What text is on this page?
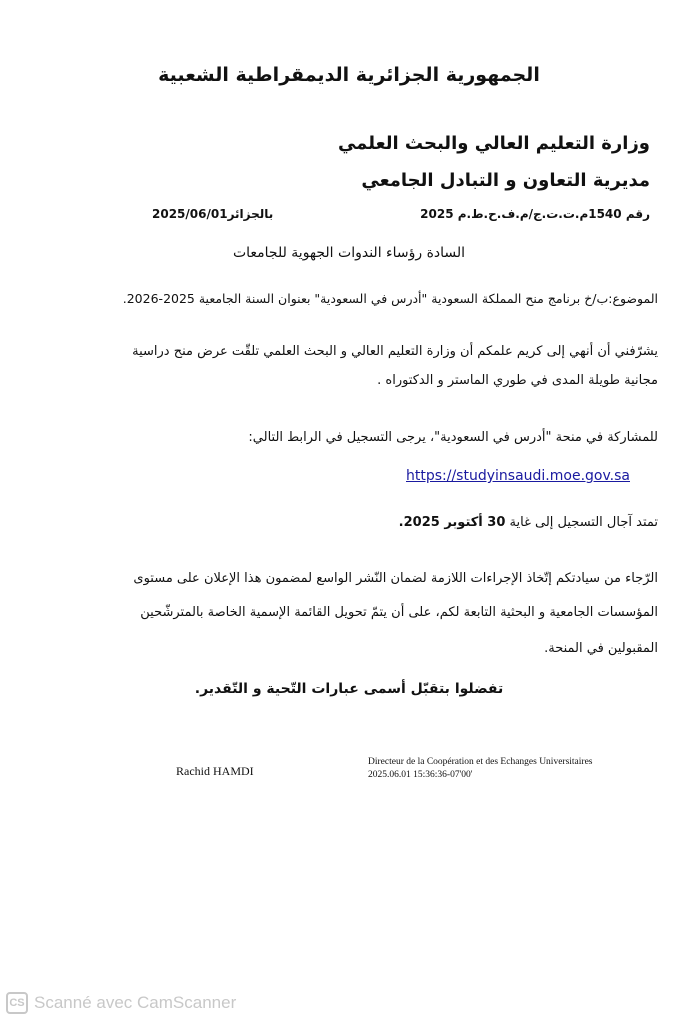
الجمهورية الجزائرية الديمقراطية الشعبية
وزارة التعليم العالي والبحث العلمي
مديرية التعاون و التبادل الجامعي
رقم 1540م.ت.ت.ج/م.ف.ح.ط.م 2025
بالجزائر2025/06/01
السادة رؤساء الندوات الجهوية للجامعات
الموضوع:ب/خ برنامج منح المملكة السعودية "أدرس في السعودية" بعنوان السنة الجامعية 2025-2026.
يشرّفني أن أنهي إلى كريم علمكم أن وزارة التعليم العالي و البحث العلمي تلقّت عرض منح دراسية
مجانية طويلة المدى في طوري الماستر و الدكتوراه .
للمشاركة في منحة "أدرس في السعودية"، يرجى التسجيل في الرابط التالي:
https://studyinsaudi.moe.gov.sa
تمتد آجال التسجيل إلى غاية 30 أكتوبر 2025.
الرّجاء من سيادتكم إتّخاذ الإجراءات اللازمة لضمان النّشر الواسع لمضمون هذا الإعلان على مستوى
المؤسسات الجامعية و البحثية التابعة لكم، على أن يتمّ تحويل القائمة الإسمية الخاصة بالمترشّحين
المقبولين في المنحة.
تفضلوا بتقبّل أسمى عبارات التّحية و التّقدير.
Rachid HAMDI
Directeur de la Coopération et des Echanges Universitaires
2025.06.01 15:36:36-07'00'
CS Scanné avec CamScanner
